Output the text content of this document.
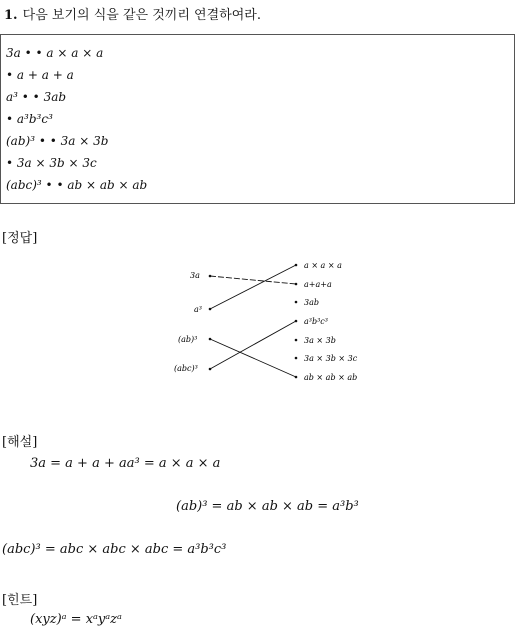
1. 다음 보기의 식을 같은 것끼리 연결하여라.
3a • • a × a × a
• a + a + a
a³ • • 3ab
• a³b³c³
(ab)³ • • 3a × 3b
• 3a × 3b × 3c
(abc)³ • • ab × ab × ab
[정답]
3a
a³
(ab)³
(abc)³
a × a × a
a+a+a
3ab
a³b³c³
3a × 3b
3a × 3b × 3c
ab × ab × ab
[해설]
3a = a + a + aa³ = a × a × a
(ab)³ = ab × ab × ab = a³b³
(abc)³ = abc × abc × abc = a³b³c³
[힌트]
(xyz)ᵃ = xᵃyᵃzᵃ
